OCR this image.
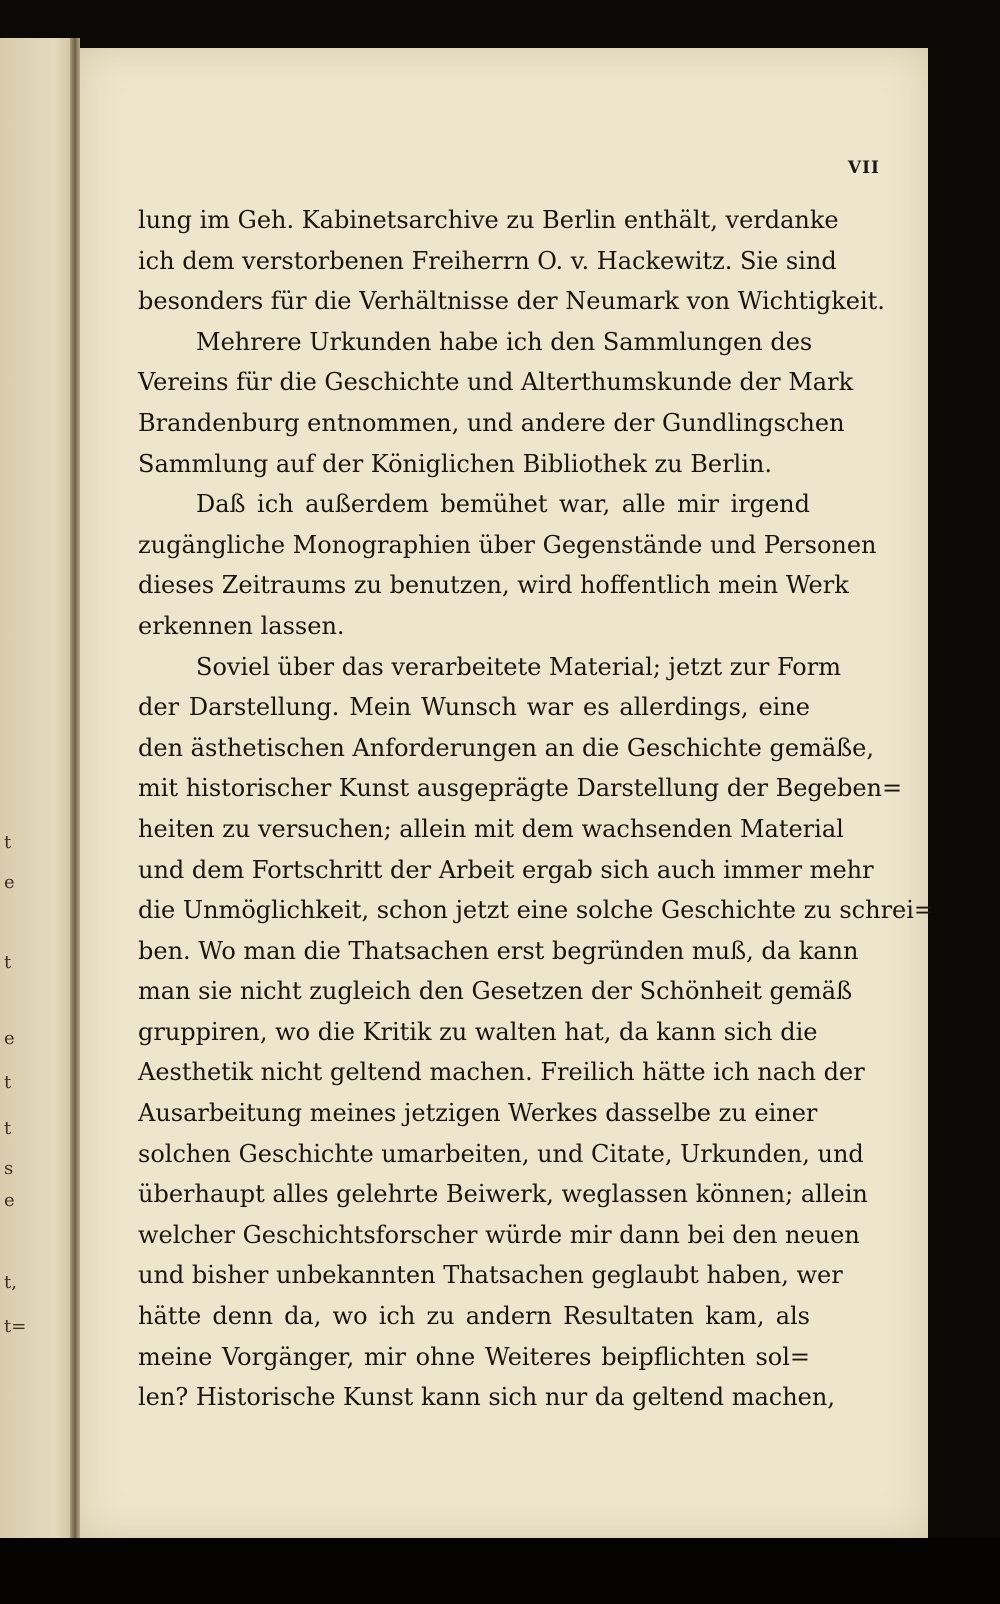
t
e
t
e
t
t
s
e
t,
t=
VII
lung im Geh. Kabinetsarchive zu Berlin enthält, verdanke
ich dem verstorbenen Freiherrn O. v. Hackewitz. Sie sind
besonders für die Verhältnisse der Neumark von Wichtigkeit.
Mehrere Urkunden habe ich den Sammlungen des
Vereins für die Geschichte und Alterthumskunde der Mark
Brandenburg entnommen, und andere der Gundlingschen
Sammlung auf der Königlichen Bibliothek zu Berlin.
Daß ich außerdem bemühet war, alle mir irgend
zugängliche Monographien über Gegenstände und Personen
dieses Zeitraums zu benutzen, wird hoffentlich mein Werk
erkennen lassen.
Soviel über das verarbeitete Material; jetzt zur Form
der Darstellung. Mein Wunsch war es allerdings, eine
den ästhetischen Anforderungen an die Geschichte gemäße,
mit historischer Kunst ausgeprägte Darstellung der Begeben=
heiten zu versuchen; allein mit dem wachsenden Material
und dem Fortschritt der Arbeit ergab sich auch immer mehr
die Unmöglichkeit, schon jetzt eine solche Geschichte zu schrei=
ben. Wo man die Thatsachen erst begründen muß, da kann
man sie nicht zugleich den Gesetzen der Schönheit gemäß
gruppiren, wo die Kritik zu walten hat, da kann sich die
Aesthetik nicht geltend machen. Freilich hätte ich nach der
Ausarbeitung meines jetzigen Werkes dasselbe zu einer
solchen Geschichte umarbeiten, und Citate, Urkunden, und
überhaupt alles gelehrte Beiwerk, weglassen können; allein
welcher Geschichtsforscher würde mir dann bei den neuen
und bisher unbekannten Thatsachen geglaubt haben, wer
hätte denn da, wo ich zu andern Resultaten kam, als
meine Vorgänger, mir ohne Weiteres beipflichten sol=
len? Historische Kunst kann sich nur da geltend machen,
